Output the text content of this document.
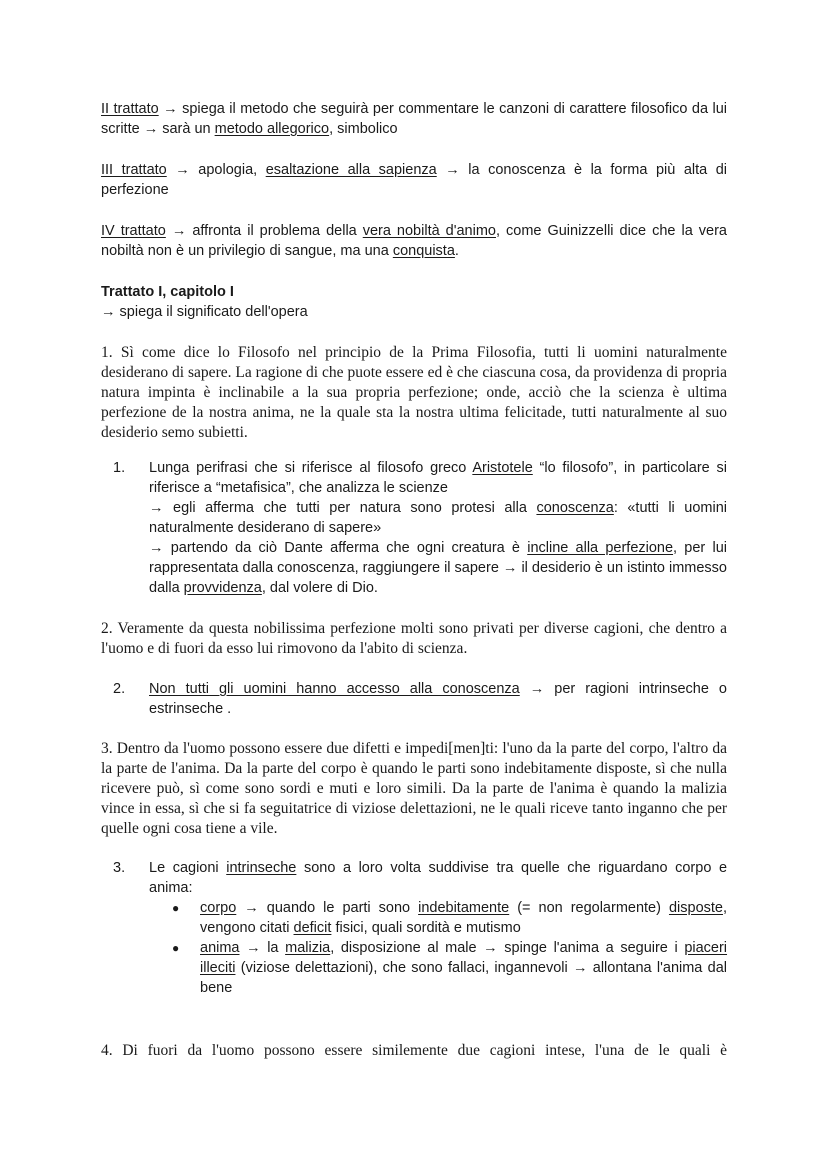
II trattato → spiega il metodo che seguirà per commentare le canzoni di carattere filosofico da lui scritte → sarà un metodo allegorico, simbolico
III trattato → apologia, esaltazione alla sapienza → la conoscenza è la forma più alta di perfezione
IV trattato → affronta il problema della vera nobiltà d'animo, come Guinizzelli dice che la vera nobiltà non è un privilegio di sangue, ma una conquista.
Trattato I, capitolo I
→ spiega il significato dell'opera
1. Sì come dice lo Filosofo nel principio de la Prima Filosofia, tutti li uomini naturalmente desiderano di sapere. La ragione di che puote essere ed è che ciascuna cosa, da providenza di propria natura impinta è inclinabile a la sua propria perfezione; onde, acciò che la scienza è ultima perfezione de la nostra anima, ne la quale sta la nostra ultima felicitade, tutti naturalmente al suo desiderio semo subietti.
1.	Lunga perifrasi che si riferisce al filosofo greco Aristotele “lo filosofo”, in particolare si riferisce a “metafisica”, che analizza le scienze
→ egli afferma che tutti per natura sono protesi alla conoscenza: «tutti li uomini naturalmente desiderano di sapere»
→ partendo da ciò Dante afferma che ogni creatura è incline alla perfezione, per lui rappresentata dalla conoscenza, raggiungere il sapere → il desiderio è un istinto immesso dalla provvidenza, dal volere di Dio.
2. Veramente da questa nobilissima perfezione molti sono privati per diverse cagioni, che dentro a l'uomo e di fuori da esso lui rimovono da l'abito di scienza.
2.	Non tutti gli uomini hanno accesso alla conoscenza → per ragioni intrinseche o estrinseche .
3. Dentro da l'uomo possono essere due difetti e impedi[men]ti: l'uno da la parte del corpo, l'altro da la parte de l'anima. Da la parte del corpo è quando le parti sono indebitamente disposte, sì che nulla ricevere può, sì come sono sordi e muti e loro simili. Da la parte de l'anima è quando la malizia vince in essa, sì che si fa seguitatrice di viziose delettazioni, ne le quali riceve tanto inganno che per quelle ogni cosa tiene a vile.
3.	Le cagioni intrinseche sono a loro volta suddivise tra quelle che riguardano corpo e anima:
● corpo → quando le parti sono indebitamente (= non regolarmente) disposte, vengono citati deficit fisici, quali sordità e mutismo
● anima → la malizia, disposizione al male → spinge l'anima a seguire i piaceri illeciti (viziose delettazioni), che sono fallaci, ingannevoli → allontana l'anima dal bene
4. Di fuori da l'uomo possono essere similemente due cagioni intese, l'una de le quali è
